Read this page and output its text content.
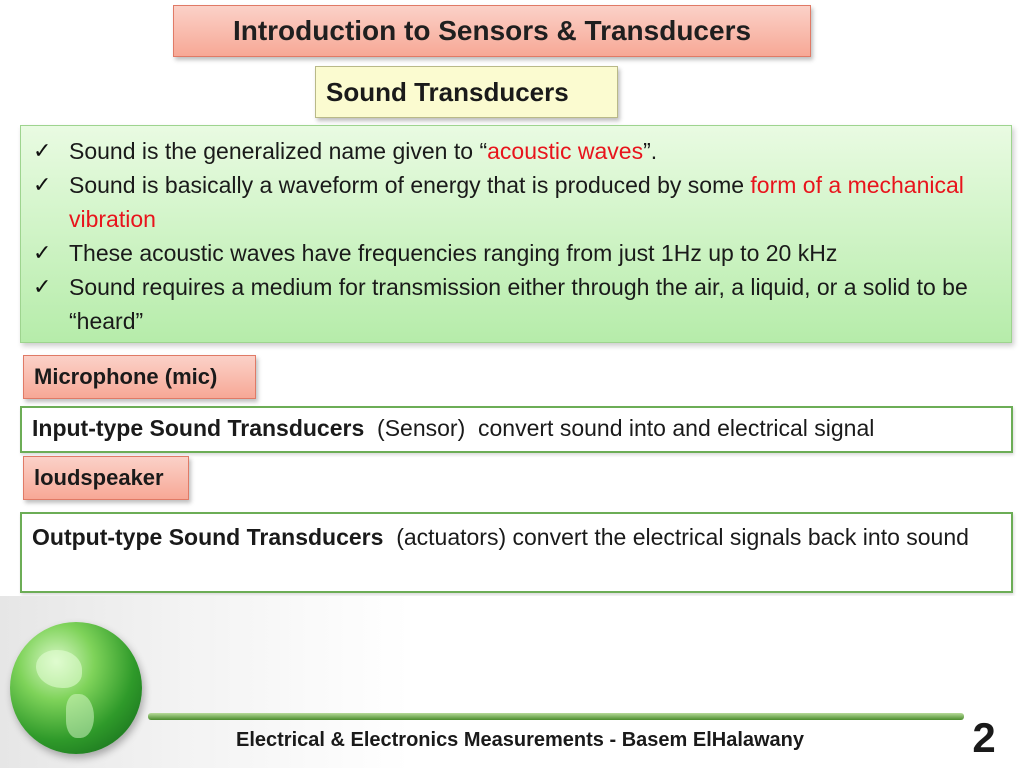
Introduction to Sensors & Transducers
Sound Transducers
✓ Sound is the generalized name given to “acoustic waves”.
✓ Sound is basically a waveform of energy that is produced by some form of a mechanical vibration
✓ These acoustic waves have frequencies ranging from just 1Hz up to 20 kHz
✓ Sound requires a medium for transmission either through the air, a liquid, or a solid to be “heard”
Microphone (mic)
Input-type Sound Transducers  (Sensor)  convert sound into and electrical signal
loudspeaker
Output-type Sound Transducers  (actuators) convert the electrical signals back into sound
Electrical & Electronics Measurements - Basem ElHalawany	2
